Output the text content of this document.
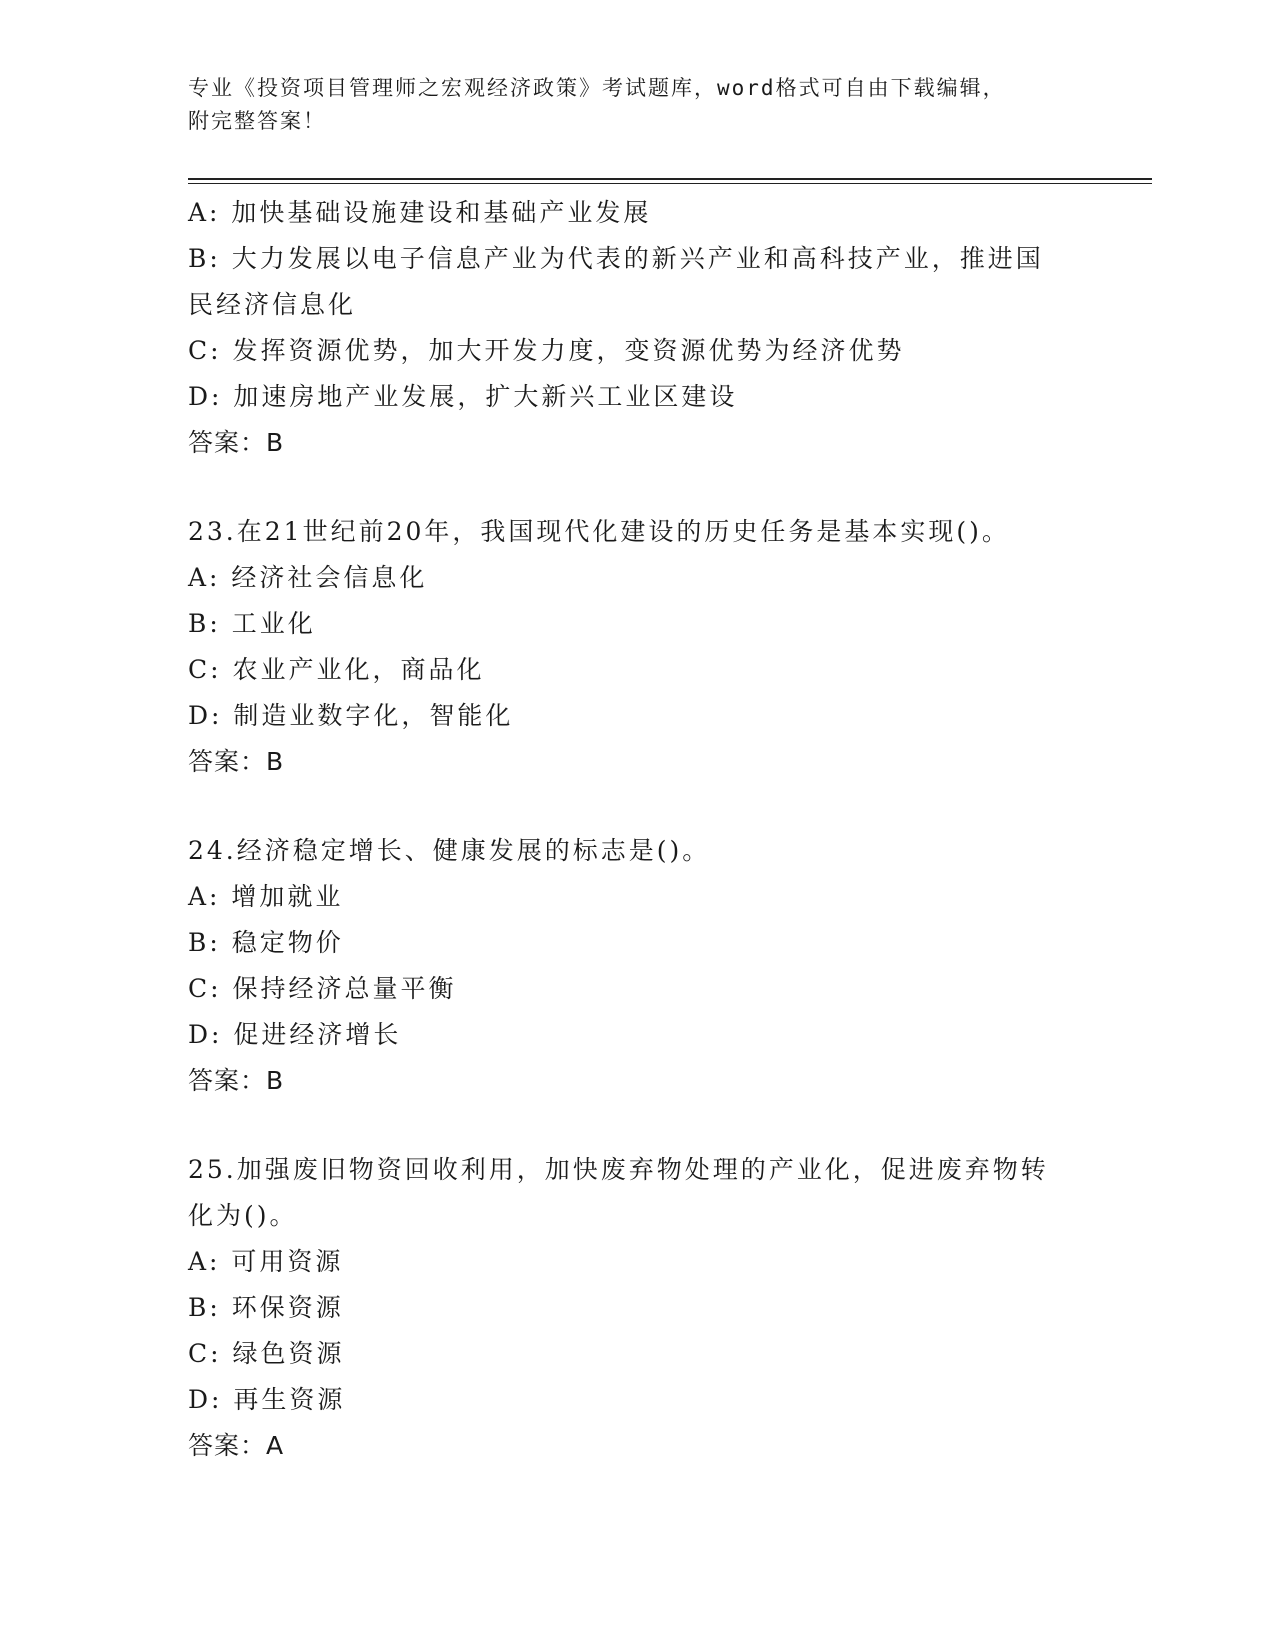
专业《投资项目管理师之宏观经济政策》考试题库，word格式可自由下载编辑，
附完整答案！
A: 加快基础设施建设和基础产业发展
B: 大力发展以电子信息产业为代表的新兴产业和高科技产业，推进国
民经济信息化
C: 发挥资源优势，加大开发力度，变资源优势为经济优势
D: 加速房地产业发展，扩大新兴工业区建设
答案：B
23.在21世纪前20年，我国现代化建设的历史任务是基本实现()。
A: 经济社会信息化
B: 工业化
C: 农业产业化，商品化
D: 制造业数字化，智能化
答案：B
24.经济稳定增长、健康发展的标志是()。
A: 增加就业
B: 稳定物价
C: 保持经济总量平衡
D: 促进经济增长
答案：B
25.加强废旧物资回收利用，加快废弃物处理的产业化，促进废弃物转
化为()。
A: 可用资源
B: 环保资源
C: 绿色资源
D: 再生资源
答案：A
